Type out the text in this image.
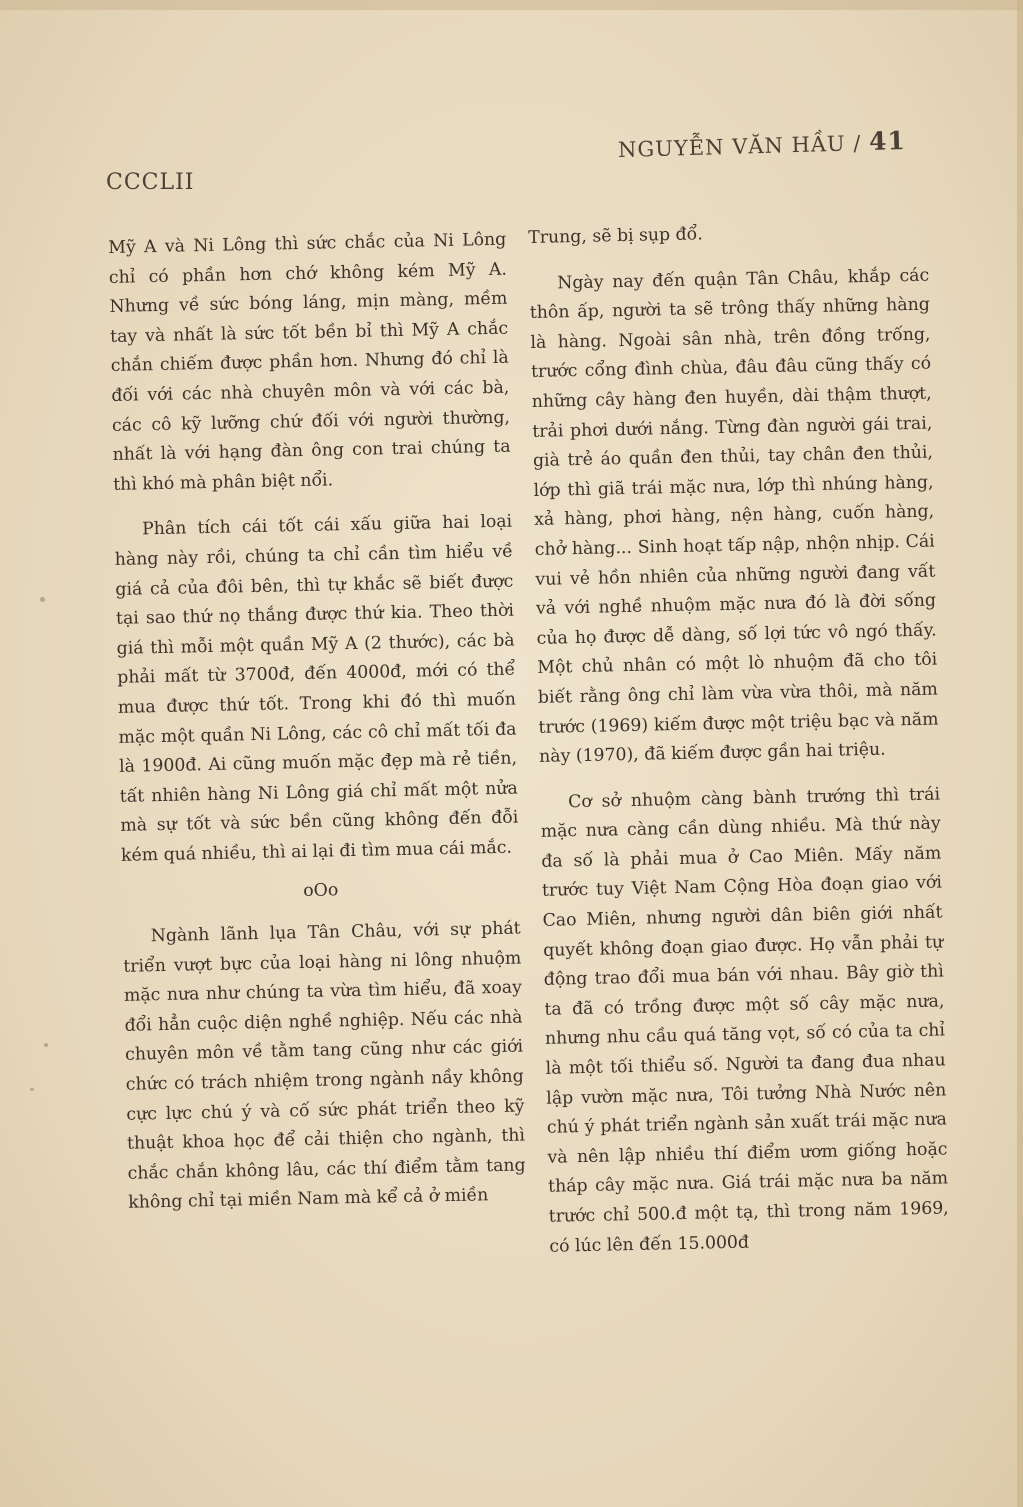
CCCLII
NGUYỄN VĂN HẦU / 41

Mỹ A và Ni Lông thì sức chắc của Ni Lông chỉ có phần hơn chớ không kém Mỹ A. Nhưng về sức bóng láng, mịn màng, mềm tay và nhất là sức tốt bền bỉ thì Mỹ A chắc chắn chiếm được phần hơn. Nhưng đó chỉ là đối với các nhà chuyên môn và với các bà, các cô kỹ lưỡng chứ đối với người thường, nhất là với hạng đàn ông con trai chúng ta thì khó mà phân biệt nổi.

Phân tích cái tốt cái xấu giữa hai loại hàng này rồi, chúng ta chỉ cần tìm hiểu về giá cả của đôi bên, thì tự khắc sẽ biết được tại sao thứ nọ thắng được thứ kia. Theo thời giá thì mỗi một quần Mỹ A (2 thước), các bà phải mất từ 3700đ, đến 4000đ, mới có thể mua được thứ tốt. Trong khi đó thì muốn mặc một quần Ni Lông, các cô chỉ mất tối đa là 1900đ. Ai cũng muốn mặc đẹp mà rẻ tiền, tất nhiên hàng Ni Lông giá chỉ mất một nửa mà sự tốt và sức bền cũng không đến đỗi kém quá nhiều, thì ai lại đi tìm mua cái mắc.

oOo

Ngành lãnh lụa Tân Châu, với sự phát triển vượt bực của loại hàng ni lông nhuộm mặc nưa như chúng ta vừa tìm hiểu, đã xoay đổi hẳn cuộc diện nghề nghiệp. Nếu các nhà chuyên môn về tằm tang cũng như các giới chức có trách nhiệm trong ngành nầy không cực lực chú ý và cố sức phát triển theo kỹ thuật khoa học để cải thiện cho ngành, thì chắc chắn không lâu, các thí điểm tằm tang không chỉ tại miền Nam mà kể cả ở miền

Trung, sẽ bị sụp đổ.

Ngày nay đến quận Tân Châu, khắp các thôn ấp, người ta sẽ trông thấy những hàng là hàng. Ngoài sân nhà, trên đồng trống, trước cổng đình chùa, đâu đâu cũng thấy có những cây hàng đen huyền, dài thậm thượt, trải phơi dưới nắng. Từng đàn người gái trai, già trẻ áo quần đen thủi, tay chân đen thủi, lớp thì giã trái mặc nưa, lớp thì nhúng hàng, xả hàng, phơi hàng, nện hàng, cuốn hàng, chở hàng... Sinh hoạt tấp nập, nhộn nhịp. Cái vui vẻ hồn nhiên của những người đang vất vả với nghề nhuộm mặc nưa đó là đời sống của họ được dễ dàng, số lợi tức vô ngó thấy. Một chủ nhân có một lò nhuộm đã cho tôi biết rằng ông chỉ làm vừa vừa thôi, mà năm trước (1969) kiếm được một triệu bạc và năm này (1970), đã kiếm được gần hai triệu.

Cơ sở nhuộm càng bành trướng thì trái mặc nưa càng cần dùng nhiều. Mà thứ này đa số là phải mua ở Cao Miên. Mấy năm trước tuy Việt Nam Cộng Hòa đoạn giao với Cao Miên, nhưng người dân biên giới nhất quyết không đoạn giao được. Họ vẫn phải tự động trao đổi mua bán với nhau. Bây giờ thì ta đã có trồng được một số cây mặc nưa, nhưng nhu cầu quá tăng vọt, số có của ta chỉ là một tối thiểu số. Người ta đang đua nhau lập vườn mặc nưa, Tôi tưởng Nhà Nước nên chú ý phát triển ngành sản xuất trái mặc nưa và nên lập nhiều thí điểm ươm giống hoặc tháp cây mặc nưa. Giá trái mặc nưa ba năm trước chỉ 500.đ một tạ, thì trong năm 1969, có lúc lên đến 15.000đ
